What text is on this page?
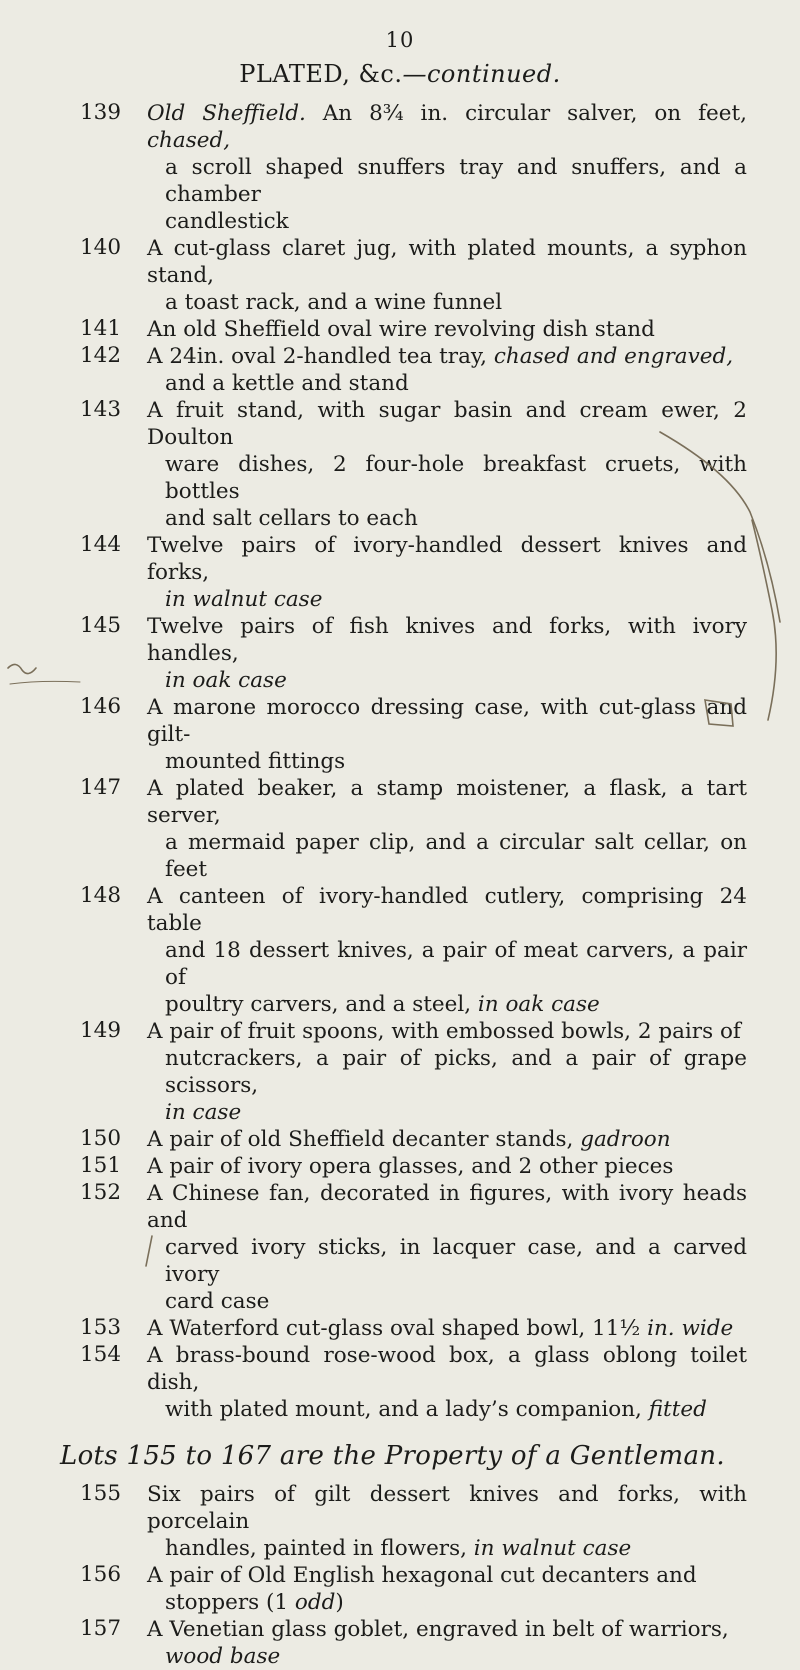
10
PLATED, &c.—continued.
139	Old Sheffield. An 8¾ in. circular salver, on feet, chased,
a scroll shaped snuffers tray and snuffers, and a chamber
candlestick
140	A cut-glass claret jug, with plated mounts, a syphon stand,
a toast rack, and a wine funnel
141	An old Sheffield oval wire revolving dish stand
142	A 24in. oval 2-handled tea tray, chased and engraved,
and a kettle and stand
143	A fruit stand, with sugar basin and cream ewer, 2 Doulton
ware dishes, 2 four-hole breakfast cruets, with bottles
and salt cellars to each
144	Twelve pairs of ivory-handled dessert knives and forks,
in walnut case
145	Twelve pairs of fish knives and forks, with ivory handles,
in oak case
146	A marone morocco dressing case, with cut-glass and gilt-
mounted fittings
147	A plated beaker, a stamp moistener, a flask, a tart server,
a mermaid paper clip, and a circular salt cellar, on feet
148	A canteen of ivory-handled cutlery, comprising 24 table
and 18 dessert knives, a pair of meat carvers, a pair of
poultry carvers, and a steel, in oak case
149	A pair of fruit spoons, with embossed bowls, 2 pairs of
nutcrackers, a pair of picks, and a pair of grape scissors,
in case
150	A pair of old Sheffield decanter stands, gadroon
151	A pair of ivory opera glasses, and 2 other pieces
152	A Chinese fan, decorated in figures, with ivory heads and
carved ivory sticks, in lacquer case, and a carved ivory
card case
153	A Waterford cut-glass oval shaped bowl, 11½ in. wide
154	A brass-bound rose-wood box, a glass oblong toilet dish,
with plated mount, and a lady’s companion, fitted
Lots 155 to 167 are the Property of a Gentleman.
155	Six pairs of gilt dessert knives and forks, with porcelain
handles, painted in flowers, in walnut case
156	A pair of Old English hexagonal cut decanters and
stoppers (1 odd)
157	A Venetian glass goblet, engraved in belt of warriors,
wood base
